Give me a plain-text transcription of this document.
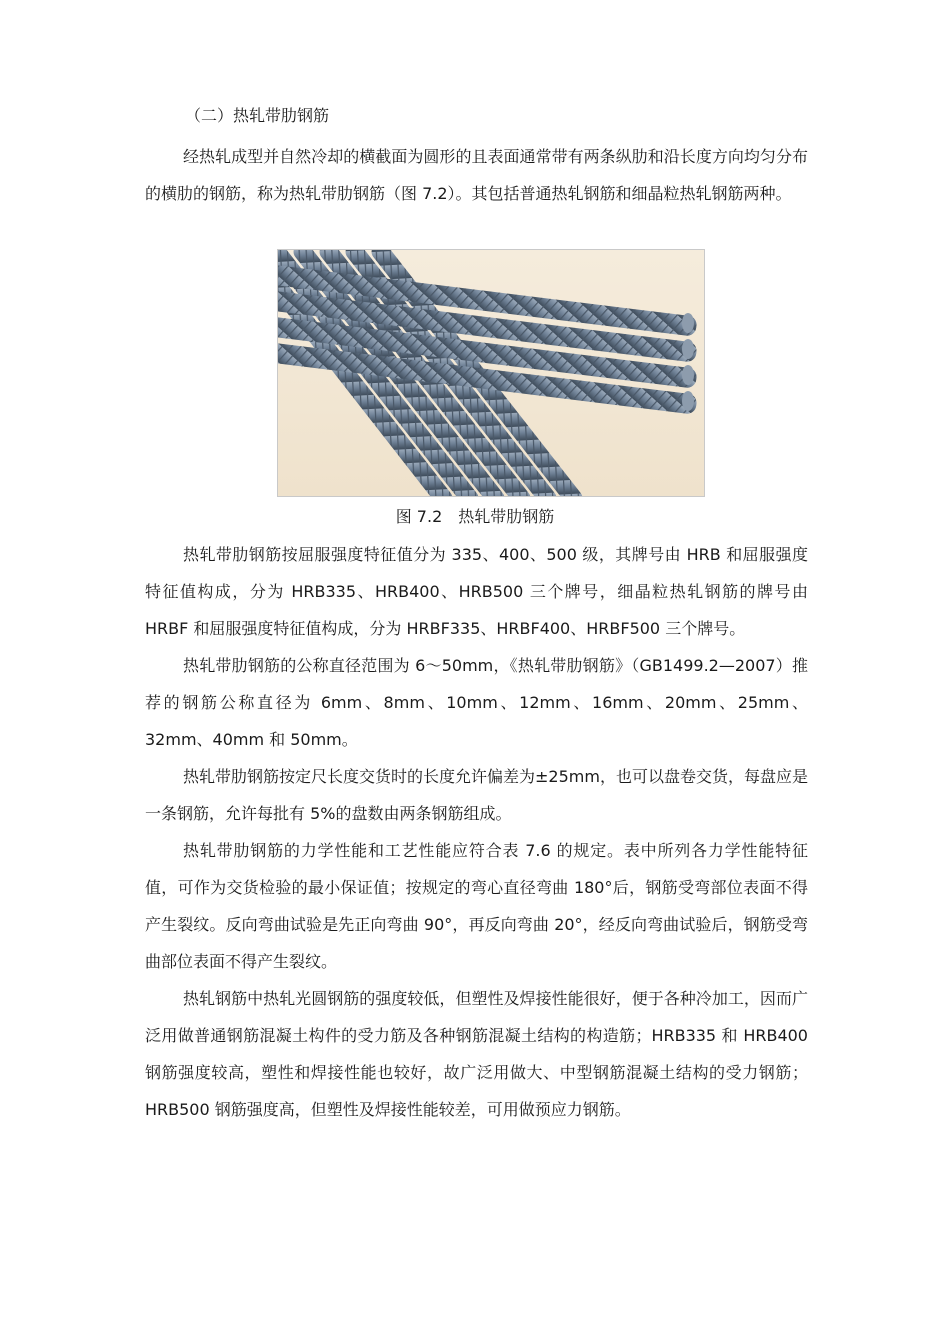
（二）热轧带肋钢筋

经热轧成型并自然冷却的横截面为圆形的且表面通常带有两条纵肋和沿长度方向均匀分布的横肋的钢筋，称为热轧带肋钢筋（图 7.2）。其包括普通热轧钢筋和细晶粒热轧钢筋两种。

图 7.2　热轧带肋钢筋

热轧带肋钢筋按屈服强度特征值分为 335、400、500 级，其牌号由 HRB 和屈服强度特征值构成，分为 HRB335、HRB400、HRB500 三个牌号，细晶粒热轧钢筋的牌号由 HRBF 和屈服强度特征值构成，分为 HRBF335、HRBF400、HRBF500 三个牌号。

热轧带肋钢筋的公称直径范围为 6～50mm，《热轧带肋钢筋》（GB1499.2—2007）推荐的钢筋公称直径为 6mm、8mm、10mm、12mm、16mm、20mm、25mm、32mm、40mm 和 50mm。

热轧带肋钢筋按定尺长度交货时的长度允许偏差为±25mm，也可以盘卷交货，每盘应是一条钢筋，允许每批有 5%的盘数由两条钢筋组成。

热轧带肋钢筋的力学性能和工艺性能应符合表 7.6 的规定。表中所列各力学性能特征值，可作为交货检验的最小保证值；按规定的弯心直径弯曲 180°后，钢筋受弯部位表面不得产生裂纹。反向弯曲试验是先正向弯曲 90°，再反向弯曲 20°，经反向弯曲试验后，钢筋受弯曲部位表面不得产生裂纹。

热轧钢筋中热轧光圆钢筋的强度较低，但塑性及焊接性能很好，便于各种冷加工，因而广泛用做普通钢筋混凝土构件的受力筋及各种钢筋混凝土结构的构造筋；HRB335 和 HRB400 钢筋强度较高，塑性和焊接性能也较好，故广泛用做大、中型钢筋混凝土结构的受力钢筋；HRB500 钢筋强度高，但塑性及焊接性能较差，可用做预应力钢筋。
